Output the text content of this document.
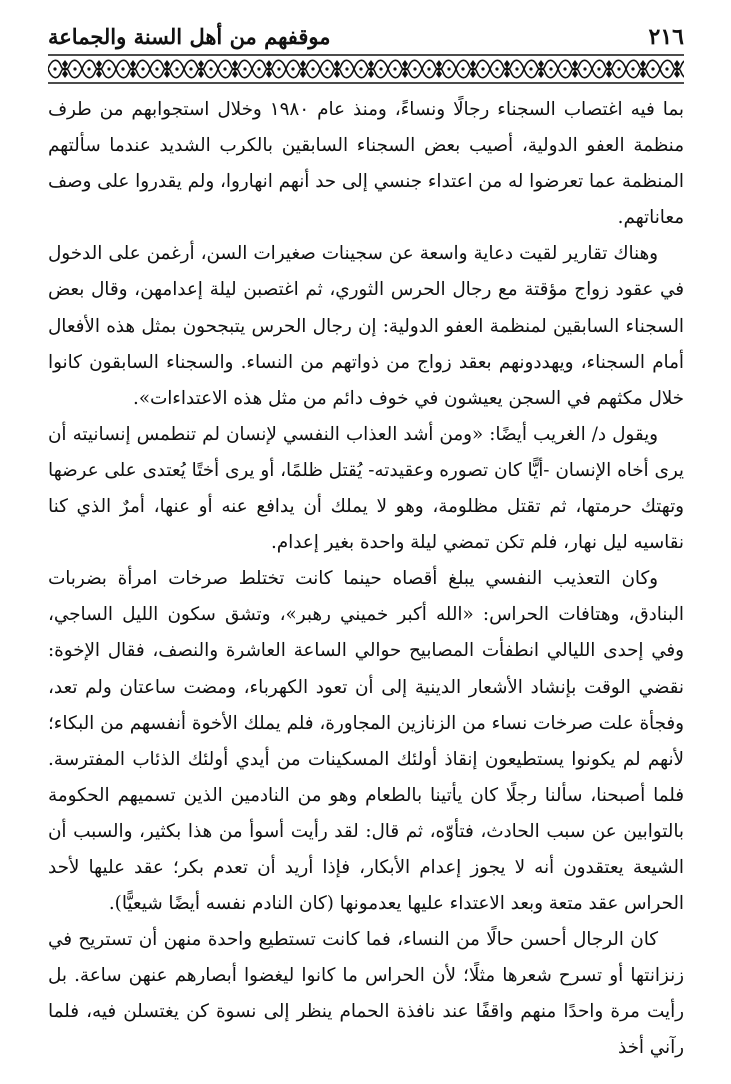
٢١٦
موقفهم من أهل السنة والجماعة

بما فيه اغتصاب السجناء رجالًا ونساءً، ومنذ عام ١٩٨٠ وخلال استجوابهم من طرف منظمة العفو الدولية، أصيب بعض السجناء السابقين بالكرب الشديد عندما سألتهم المنظمة عما تعرضوا له من اعتداء جنسي إلى حد أنهم انهاروا، ولم يقدروا على وصف معاناتهم.

وهناك تقارير لقيت دعاية واسعة عن سجينات صغيرات السن، أرغمن على الدخول في عقود زواج مؤقتة مع رجال الحرس الثوري، ثم اغتصبن ليلة إعدامهن، وقال بعض السجناء السابقين لمنظمة العفو الدولية: إن رجال الحرس يتبجحون بمثل هذه الأفعال أمام السجناء، ويهددونهم بعقد زواج من ذواتهم من النساء. والسجناء السابقون كانوا خلال مكثهم في السجن يعيشون في خوف دائم من مثل هذه الاعتداءات».

ويقول د/ الغريب أيضًا: «ومن أشد العذاب النفسي لإنسان لم تنطمس إنسانيته أن يرى أخاه الإنسان -أيًّا كان تصوره وعقيدته- يُقتل ظلمًا، أو يرى أختًا يُعتدى على عرضها وتهتك حرمتها، ثم تقتل مظلومة، وهو لا يملك أن يدافع عنه أو عنها، أمرٌ الذي كنا نقاسيه ليل نهار، فلم تكن تمضي ليلة واحدة بغير إعدام.

وكان التعذيب النفسي يبلغ أقصاه حينما كانت تختلط صرخات امرأة بضربات البنادق، وهتافات الحراس: «الله أكبر خميني رهبر»، وتشق سكون الليل الساجي، وفي إحدى الليالي انطفأت المصابيح حوالي الساعة العاشرة والنصف، فقال الإخوة: نقضي الوقت بإنشاد الأشعار الدينية إلى أن تعود الكهرباء، ومضت ساعتان ولم تعد، وفجأة علت صرخات نساء من الزنازين المجاورة، فلم يملك الأخوة أنفسهم من البكاء؛ لأنهم لم يكونوا يستطيعون إنقاذ أولئك المسكينات من أيدي أولئك الذئاب المفترسة. فلما أصبحنا، سألنا رجلًا كان يأتينا بالطعام وهو من النادمين الذين تسميهم الحكومة بالتوابين عن سبب الحادث، فتأوّه، ثم قال: لقد رأيت أسوأ من هذا بكثير، والسبب أن الشيعة يعتقدون أنه لا يجوز إعدام الأبكار، فإذا أريد أن تعدم بكر؛ عقد عليها لأحد الحراس عقد متعة وبعد الاعتداء عليها يعدمونها (كان النادم نفسه أيضًا شيعيًّا).

كان الرجال أحسن حالًا من النساء، فما كانت تستطيع واحدة منهن أن تستريح في زنزانتها أو تسرح شعرها مثلًا؛ لأن الحراس ما كانوا ليغضوا أبصارهم عنهن ساعة. بل رأيت مرة واحدًا منهم واقفًا عند نافذة الحمام ينظر إلى نسوة كن يغتسلن فيه، فلما رآني أخذ
